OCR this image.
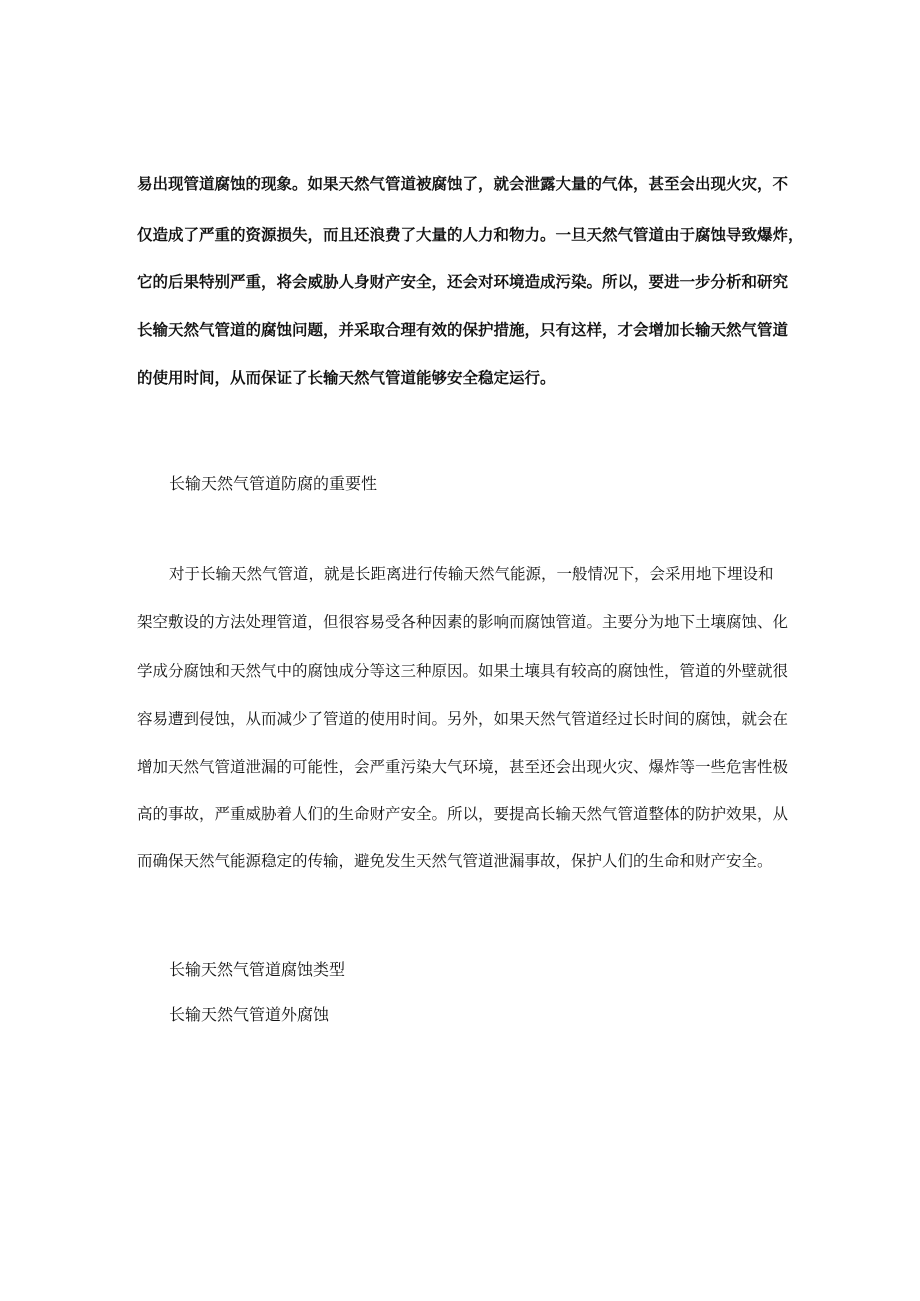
易出现管道腐蚀的现象。如果天然气管道被腐蚀了，就会泄露大量的气体，甚至会出现火灾，不
仅造成了严重的资源损失，而且还浪费了大量的人力和物力。一旦天然气管道由于腐蚀导致爆炸，
它的后果特别严重，将会威胁人身财产安全，还会对环境造成污染。所以，要进一步分析和研究
长输天然气管道的腐蚀问题，并采取合理有效的保护措施，只有这样，才会增加长输天然气管道
的使用时间，从而保证了长输天然气管道能够安全稳定运行。
长输天然气管道防腐的重要性
对于长输天然气管道，就是长距离进行传输天然气能源，一般情况下，会采用地下埋设和
架空敷设的方法处理管道，但很容易受各种因素的影响而腐蚀管道。主要分为地下土壤腐蚀、化
学成分腐蚀和天然气中的腐蚀成分等这三种原因。如果土壤具有较高的腐蚀性，管道的外壁就很
容易遭到侵蚀，从而减少了管道的使用时间。另外，如果天然气管道经过长时间的腐蚀，就会在
增加天然气管道泄漏的可能性，会严重污染大气环境，甚至还会出现火灾、爆炸等一些危害性极
高的事故，严重威胁着人们的生命财产安全。所以，要提高长输天然气管道整体的防护效果，从
而确保天然气能源稳定的传输，避免发生天然气管道泄漏事故，保护人们的生命和财产安全。
长输天然气管道腐蚀类型
长输天然气管道外腐蚀
